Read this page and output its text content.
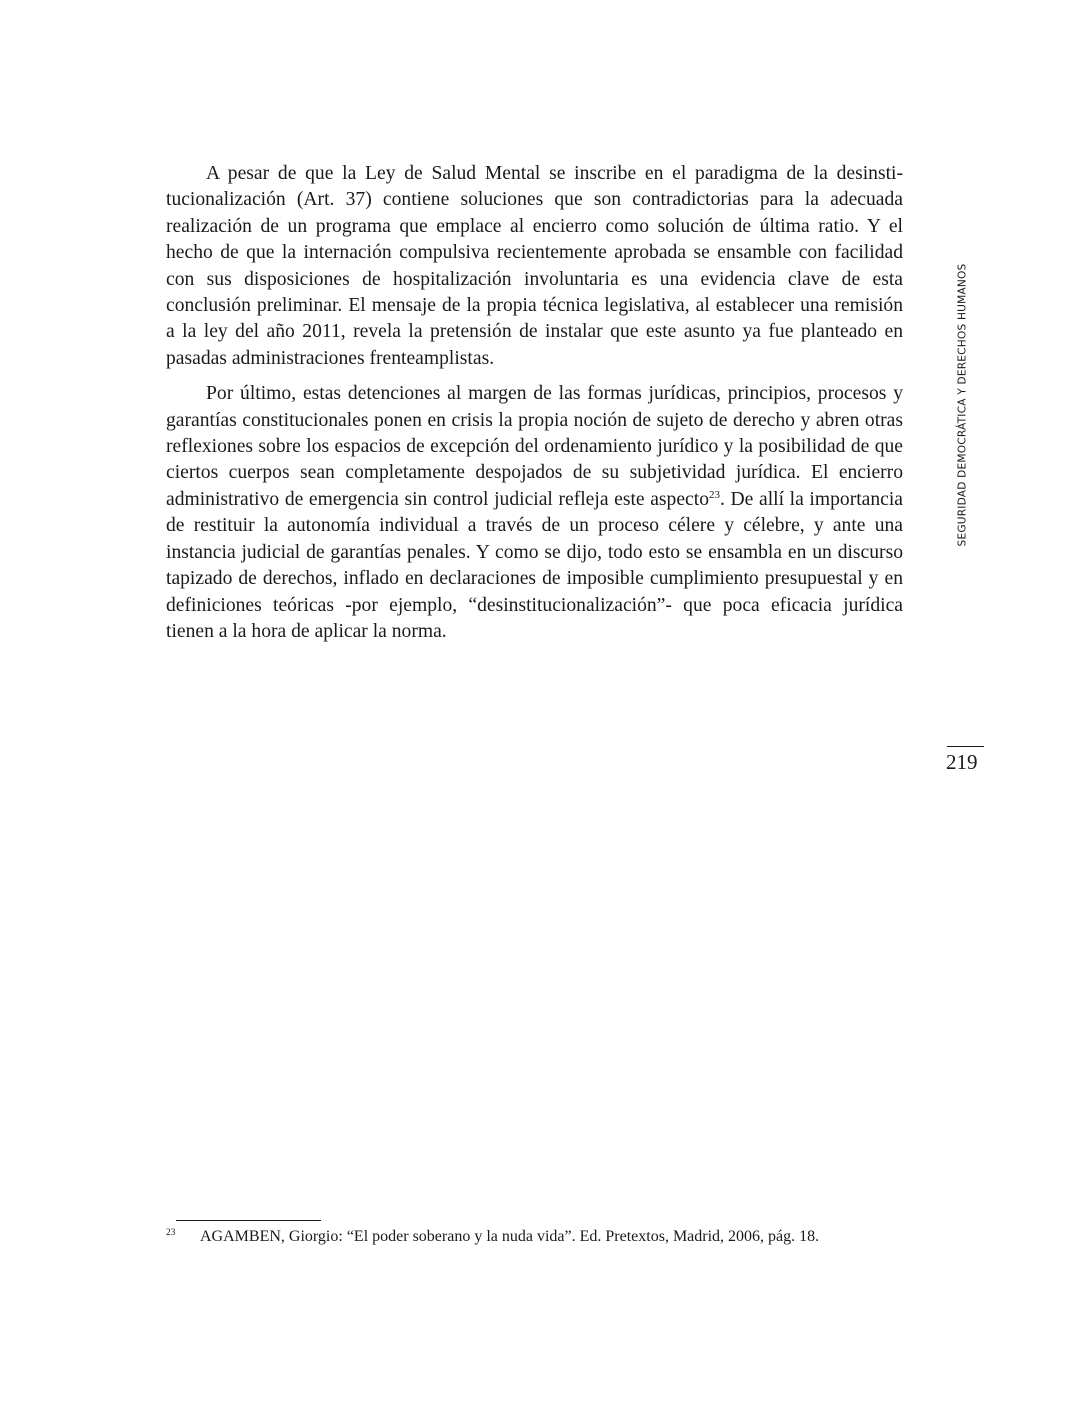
A pesar de que la Ley de Salud Mental se inscribe en el paradigma de la desinstitucionalización (Art. 37) contiene soluciones que son contradictorias para la adecuada realización de un programa que emplace al encierro como solución de última ratio. Y el hecho de que la internación compulsiva recientemente aprobada se ensamble con facilidad con sus disposiciones de hospitalización involuntaria es una evidencia clave de esta conclusión preliminar. El mensaje de la propia técnica legislativa, al establecer una remisión a la ley del año 2011, revela la pretensión de instalar que este asunto ya fue planteado en pasadas administraciones frenteamplistas.

Por último, estas detenciones al margen de las formas jurídicas, principios, procesos y garantías constitucionales ponen en crisis la propia noción de sujeto de derecho y abren otras reflexiones sobre los espacios de excepción del ordenamiento jurídico y la posibilidad de que ciertos cuerpos sean completamente despojados de su subjetividad jurídica. El encierro administrativo de emergencia sin control judicial refleja este aspecto$^{23}$. De allí la importancia de restituir la autonomía individual a través de un proceso célere y célebre, y ante una instancia judicial de garantías penales. Y como se dijo, todo esto se ensambla en un discurso tapizado de derechos, inflado en declaraciones de imposible cumplimiento presupuestal y en definiciones teóricas -por ejemplo, “desinstitucionalización”- que poca eficacia jurídica tienen a la hora de aplicar la norma.

SEGURIDAD DEMOCRÁTICA Y DERECHOS HUMANOS
219
23 AGAMBEN, Giorgio: “El poder soberano y la nuda vida”. Ed. Pretextos, Madrid, 2006, pág. 18.
